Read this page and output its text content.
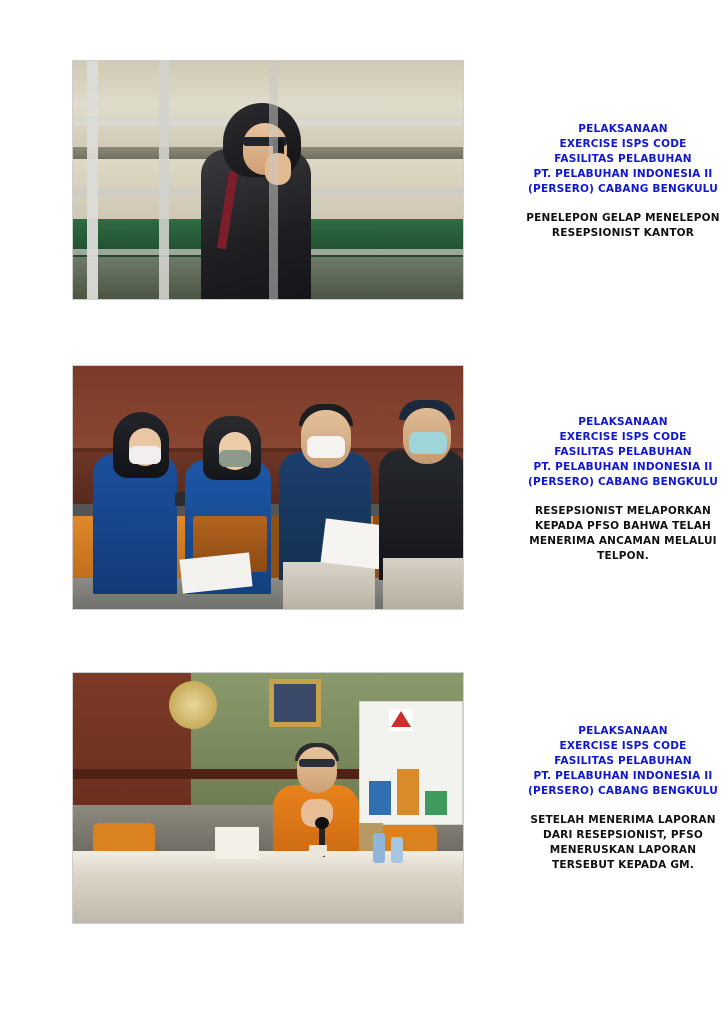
PELAKSANAAN
EXERCISE ISPS CODE
FASILITAS PELABUHAN
PT. PELABUHAN INDONESIA II
(PERSERO) CABANG BENGKULU
PENELEPON GELAP MENELEPON
RESEPSIONIST KANTOR
PELAKSANAAN
EXERCISE ISPS CODE
FASILITAS PELABUHAN
PT. PELABUHAN INDONESIA II
(PERSERO) CABANG BENGKULU
RESEPSIONIST MELAPORKAN
KEPADA PFSO BAHWA TELAH
MENERIMA ANCAMAN MELALUI
TELPON.
PELAKSANAAN
EXERCISE ISPS CODE
FASILITAS PELABUHAN
PT. PELABUHAN INDONESIA II
(PERSERO) CABANG BENGKULU
SETELAH MENERIMA LAPORAN
DARI RESEPSIONIST, PFSO
MENERUSKAN LAPORAN
TERSEBUT KEPADA GM.
